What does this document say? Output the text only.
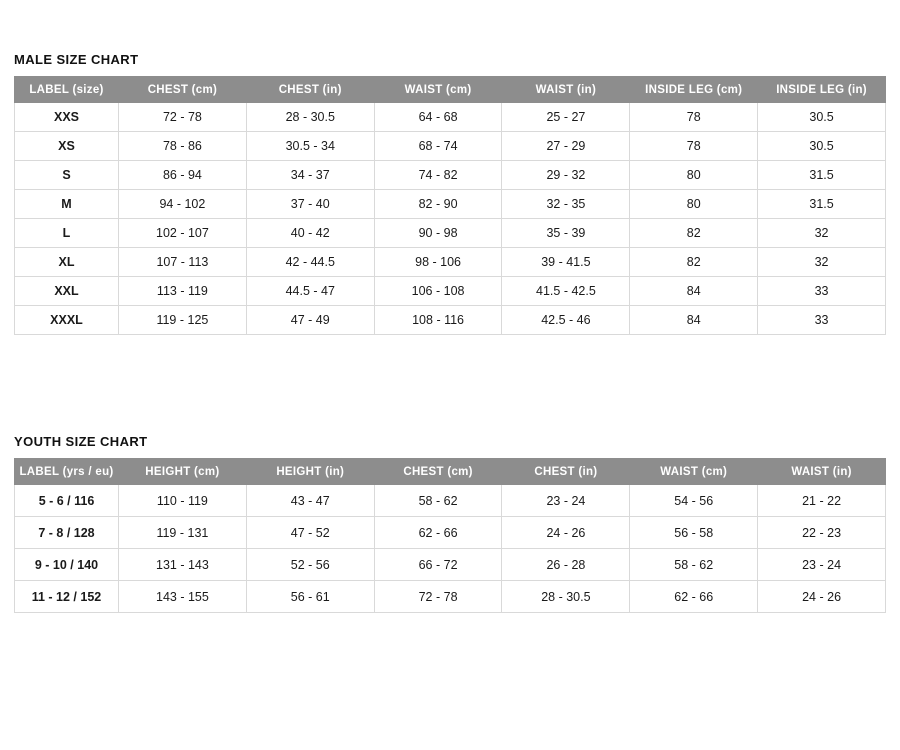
MALE SIZE CHART
LABEL (size)	CHEST (cm)	CHEST (in)	WAIST (cm)	WAIST (in)	INSIDE LEG (cm)	INSIDE LEG (in)
XXS	72 - 78	28 - 30.5	64 - 68	25 - 27	78	30.5
XS	78 - 86	30.5 - 34	68 - 74	27 - 29	78	30.5
S	86 - 94	34 - 37	74 - 82	29 - 32	80	31.5
M	94 - 102	37 - 40	82 - 90	32 - 35	80	31.5
L	102 - 107	40 - 42	90 - 98	35 - 39	82	32
XL	107 - 113	42 - 44.5	98 - 106	39 - 41.5	82	32
XXL	113 - 119	44.5 - 47	106 - 108	41.5 - 42.5	84	33
XXXL	119 - 125	47 - 49	108 - 116	42.5 - 46	84	33
YOUTH SIZE CHART
LABEL (yrs / eu)	HEIGHT (cm)	HEIGHT (in)	CHEST (cm)	CHEST (in)	WAIST (cm)	WAIST (in)
5 - 6 / 116	110 - 119	43 - 47	58 - 62	23 - 24	54 - 56	21 - 22
7 - 8 / 128	119 - 131	47 - 52	62 - 66	24 - 26	56 - 58	22 - 23
9 - 10 / 140	131 - 143	52 - 56	66 - 72	26 - 28	58 - 62	23 - 24
11 - 12 / 152	143 - 155	56 - 61	72 - 78	28 - 30.5	62 - 66	24 - 26
